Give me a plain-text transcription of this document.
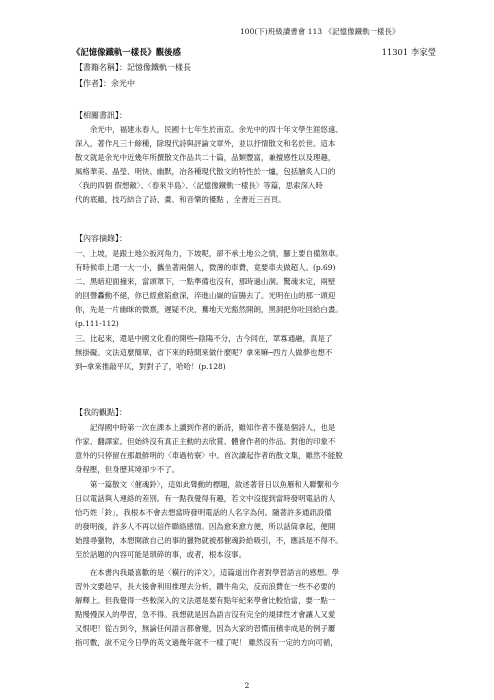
100(下)班級讀書會 113 《記憶像鐵軌一樣長》
《記憶像鐵軌一樣長》觀後感	11301 李家瑩
【書籍名稱】：記憶像鐵軌一樣長
【作者】：余光中
【相關書訊】：
　　余光中，福建永春人，民國十七年生於南京。余光中的四十年文學生涯悠遠、
深入，著作凡三十餘種，除現代詩與評論文章外，並以抒情散文和名於世。這本
散文就是余光中近幾年所撰散文作品共二十篇，品類豐富，兼擅感性以及理趣，
風格華美、晶瑩、明快、幽默，冶各種現代散文的特性於一爐，包括膾炙人口的
〈我的四個 假想敵〉、〈春來半島〉、〈記憶像鐵軌一樣長〉等篇，思索深入時
代的底蘊，技巧結合了詩、畫、和音樂的優點 ，全書近三百頁。
【內容摘錄】：
一、上坡，是跟土地公扳河角力，下坡呢，卻不承土地公之情，腳上要自備煞車。
有時候車上還一大一小，攜坐著兩個人，微薄的車費，竟要車夫做超人。(p.69)
二、黑暗迎面撞來，當頭罩下，一點準備也沒有，那時過山洞。驚魂未定，兩壁
的回聲轟動不絕，你已經愈陷愈深，淬進山嶽的盲腸去了。光明在山的那一頭迎
你，先是一片幽昧的微熹，遲疑不決，驀地天光豁然開朗，黑洞把你吐回給白晝。
(p.111-112)
三、比起來，還是中國文化看的開些─陰陽不分，古今同在，眾寡通融，真是了
無掛礙。文法這麼簡單，省下來的時間來做什麼呢？拿來嘛─西方人做夢也想不
到─拿來推敲平仄，對對子了，哈哈！(p.128)
【我的觀點】：
　　記得國中時第一次在課本上讀到作者的新詩，雖知作者不僅是個詩人，也是
作家、翻譯家。但始終沒有真正主動的去欣賞、體會作者的作品。對他的印象不
意外的只停留在那最鮮明的〈車過枋寮〉中。首次讀起作者的散文集，雖然不能脫
身程壓，但身歷其境卻少不了。
　　第一篇散文〈催魂鈴〉，這如此聳動的標題，敘述著昔日以魚雁和人聯繫和今
日以電話與人連絡的差別。有一點我覺得有趣，若文中沒提到當時發明電話的人
恰巧姓「鈴」，我根本不會去想當時發明電話的人名字為何。隨著許多通訊設備
的發明後，許多人不再以信件聯絡感情。因為愈來愈方便，所以話筒拿起，便開
始搜尋獵物，本想開啟自己的事的獵物就被那催魂鈴給吸引，不，應該是不得不。
至於話題的內容可能是瑣碎的事，或者，根本沒事。
　　在本書內我最喜歡的是〈橫行的洋文〉，這篇道出作者對學習語言的感想。學
習外文要趁早，長大後會利用推理去分析，鑽牛角尖，反而浪費在一些不必要的
解釋上。但我覺得一些較深入的文法還是要有點年紀來學會比較恰當，要一點一
點慢慢深入的學習，急不得。我想就是因為語言沒有完全的規律性才會讓人又愛
又恨吧！從古到今，無論任何語言都會變，因為大家的習慣而積非成是的例子屢
指可數，說不定今日學的英文過幾年就不一樣了呢！ 雖然沒有一定的方向可循，
2
